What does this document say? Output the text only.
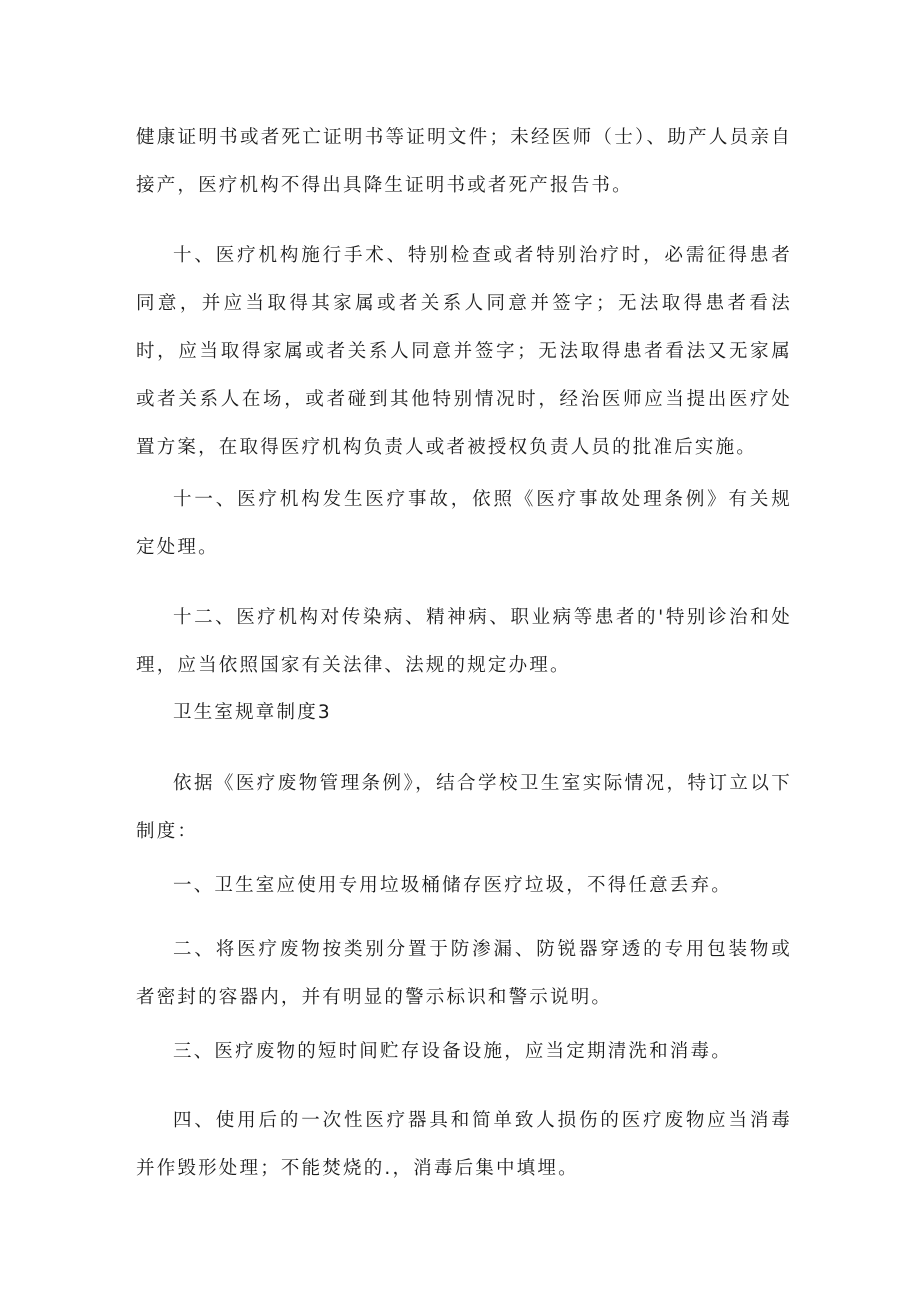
健康证明书或者死亡证明书等证明文件；未经医师（士）、助产人员亲自接产，医疗机构不得出具降生证明书或者死产报告书。

十、医疗机构施行手术、特别检查或者特别治疗时，必需征得患者同意，并应当取得其家属或者关系人同意并签字；无法取得患者看法时，应当取得家属或者关系人同意并签字；无法取得患者看法又无家属或者关系人在场，或者碰到其他特别情况时，经治医师应当提出医疗处置方案，在取得医疗机构负责人或者被授权负责人员的批准后实施。

十一、医疗机构发生医疗事故，依照《医疗事故处理条例》有关规定处理。

十二、医疗机构对传染病、精神病、职业病等患者的'特别诊治和处理，应当依照国家有关法律、法规的规定办理。

卫生室规章制度3

依据《医疗废物管理条例》，结合学校卫生室实际情况，特订立以下制度：

一、卫生室应使用专用垃圾桶储存医疗垃圾，不得任意丢弃。

二、将医疗废物按类别分置于防渗漏、防锐器穿透的专用包装物或者密封的容器内，并有明显的警示标识和警示说明。

三、医疗废物的短时间贮存设备设施，应当定期清洗和消毒。

四、使用后的一次性医疗器具和简单致人损伤的医疗废物应当消毒并作毁形处理；不能焚烧的.，消毒后集中填埋。
